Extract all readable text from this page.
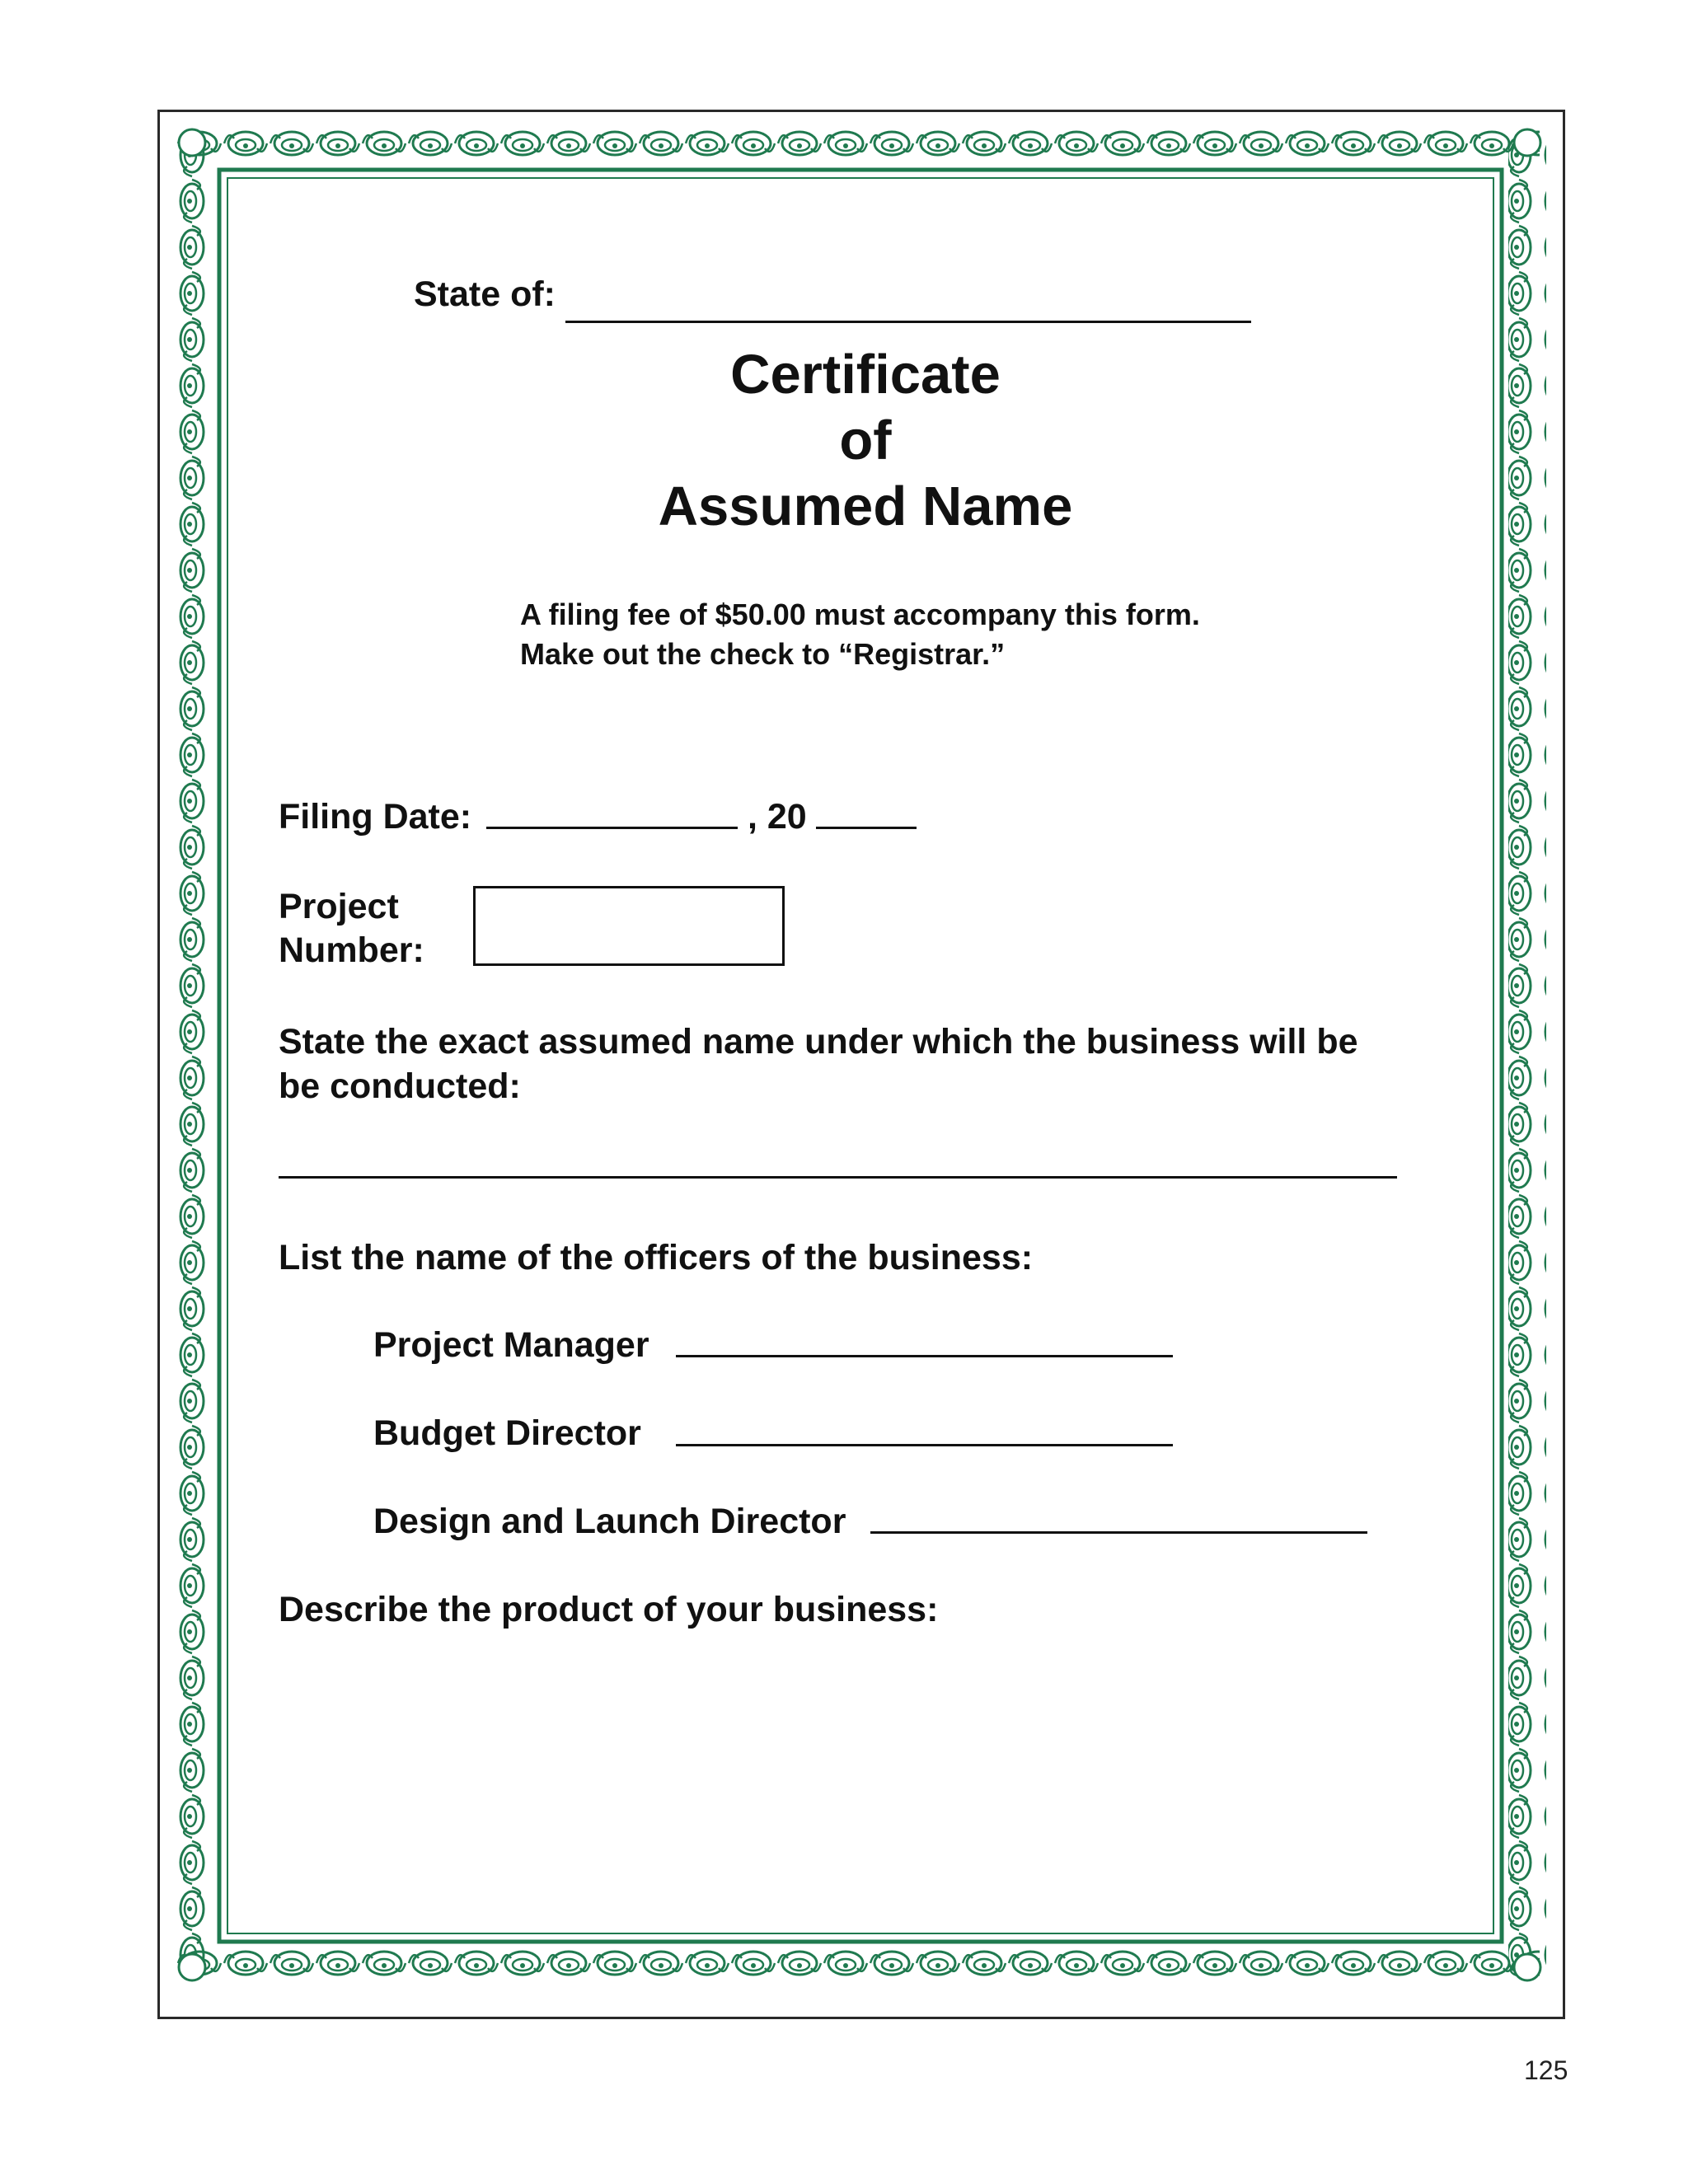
State of:
Certificate
of
Assumed Name
A filing fee of $50.00 must accompany this form.
Make out the check to “Registrar.”
Filing Date:	, 20
Project
Number:
State the exact assumed name under which the business will be
be conducted:
List the name of the officers of the business:
Project Manager
Budget Director
Design and Launch Director
Describe the product of your business:
125
